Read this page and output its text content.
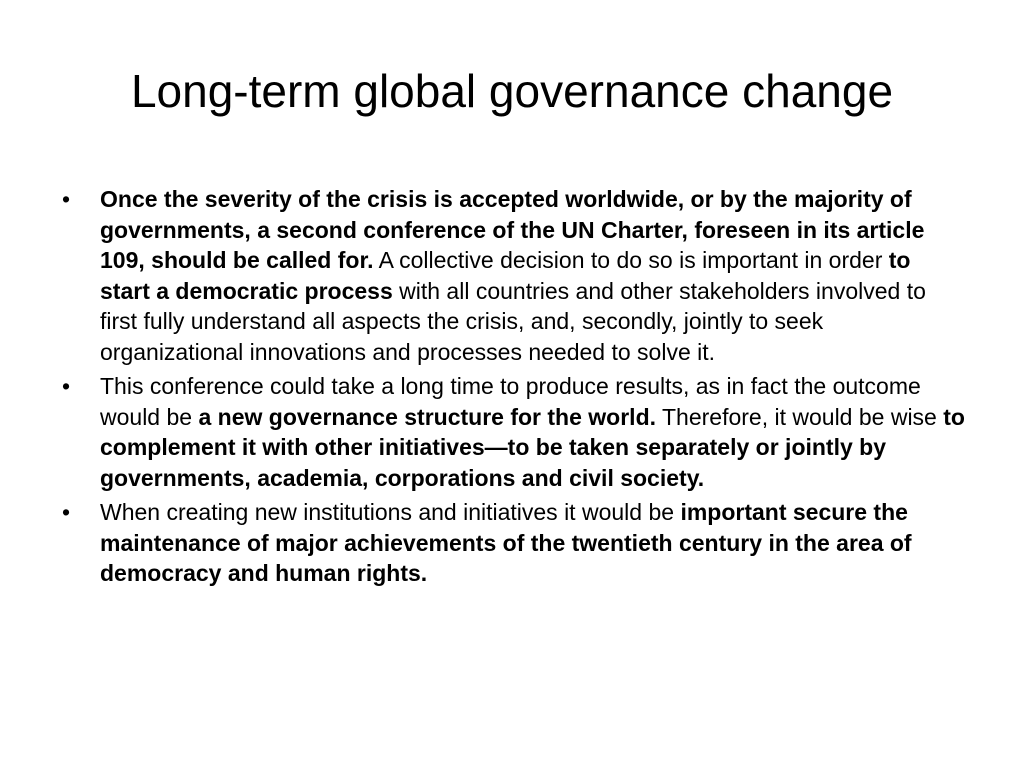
Long-term global governance change
•	Once the severity of the crisis is accepted worldwide, or by the majority of governments, a second conference of the UN Charter, foreseen in its article 109, should be called for. A collective decision to do so is important in order to start a democratic process with all countries and other stakeholders involved to first fully understand all aspects the crisis, and, secondly, jointly to seek organizational innovations and processes needed to solve it.
•	This conference could take a long time to produce results, as in fact the outcome would be a new governance structure for the world. Therefore, it would be wise to complement it with other initiatives—to be taken separately or jointly by governments, academia, corporations and civil society.
•	When creating new institutions and initiatives it would be important secure the maintenance of major achievements of the twentieth century in the area of democracy and human rights.
